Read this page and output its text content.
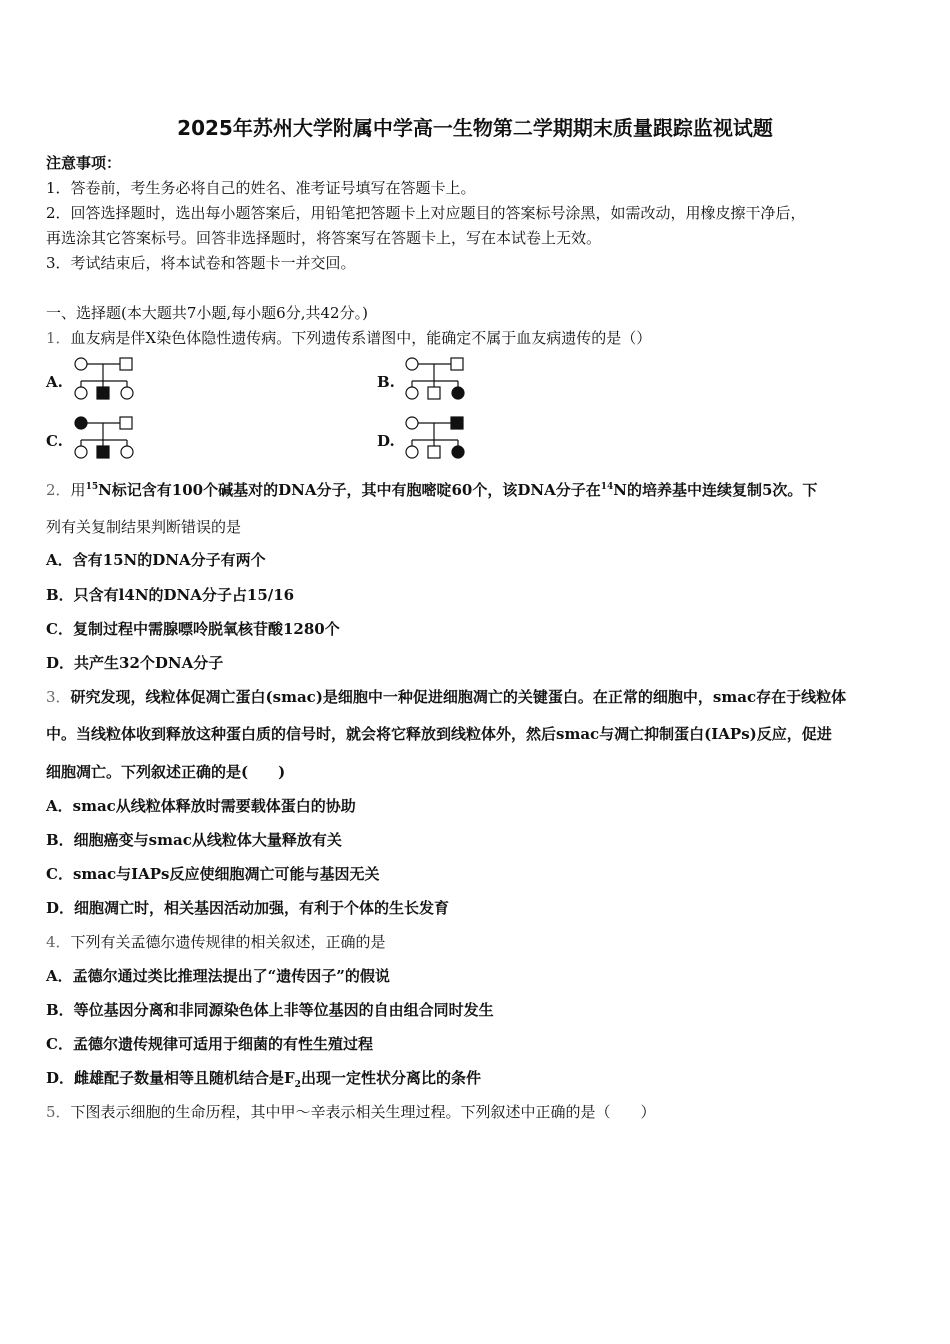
2025年苏州大学附属中学高一生物第二学期期末质量跟踪监视试题
注意事项：
1．答卷前，考生务必将自己的姓名、准考证号填写在答题卡上。
2．回答选择题时，选出每小题答案后，用铅笔把答题卡上对应题目的答案标号涂黑，如需改动，用橡皮擦干净后，
再选涂其它答案标号。回答非选择题时，将答案写在答题卡上，写在本试卷上无效。
3．考试结束后，将本试卷和答题卡一并交回。
一、选择题(本大题共7小题,每小题6分,共42分。)
1．血友病是伴X染色体隐性遗传病。下列遗传系谱图中，能确定不属于血友病遗传的是（）
A.	B.
C.	D.
2．用$^{15}$N标记含有100个碱基对的DNA分子，其中有胞嘧啶60个，该DNA分子在$^{14}$N的培养基中连续复制5次。下
列有关复制结果判断错误的是
A．含有15N的DNA分子有两个
B．只含有l4N的DNA分子占15/16
C．复制过程中需腺嘌呤脱氧核苷酸1280个
D．共产生32个DNA分子
3．研究发现，线粒体促凋亡蛋白(smac)是细胞中一种促进细胞凋亡的关键蛋白。在正常的细胞中，smac存在于线粒体
中。当线粒体收到释放这种蛋白质的信号时，就会将它释放到线粒体外，然后smac与凋亡抑制蛋白(IAPs)反应，促进
细胞凋亡。下列叙述正确的是(　　)
A．smac从线粒体释放时需要载体蛋白的协助
B．细胞癌变与smac从线粒体大量释放有关
C．smac与IAPs反应使细胞凋亡可能与基因无关
D．细胞凋亡时，相关基因活动加强，有利于个体的生长发育
4．下列有关孟德尔遗传规律的相关叙述，正确的是
A．孟德尔通过类比推理法提出了“遗传因子”的假说
B．等位基因分离和非同源染色体上非等位基因的自由组合同时发生
C．孟德尔遗传规律可适用于细菌的有性生殖过程
D．雌雄配子数量相等且随机结合是$F_2$出现一定性状分离比的条件
5．下图表示细胞的生命历程，其中甲～辛表示相关生理过程。下列叙述中正确的是（　　）
